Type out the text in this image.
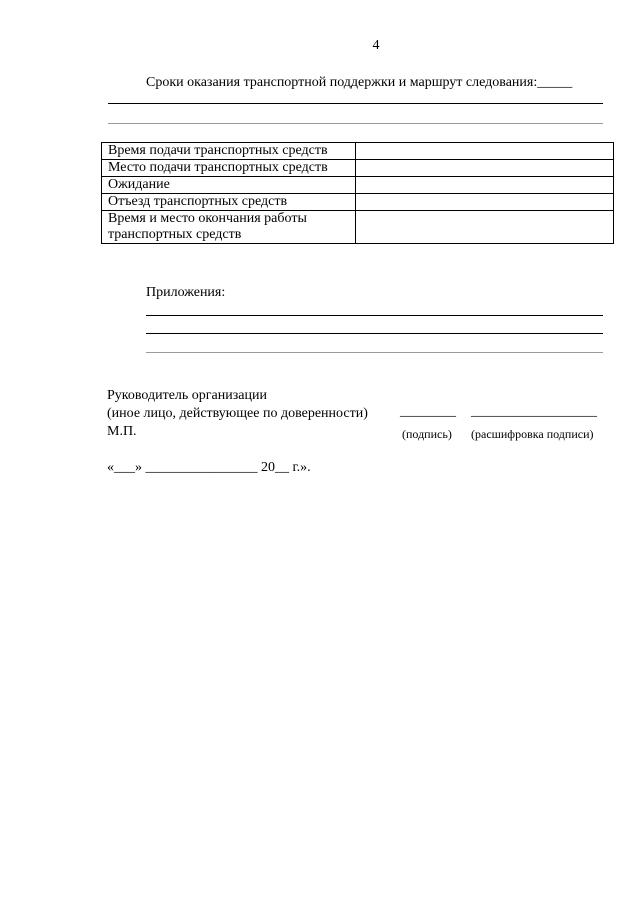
4
Сроки оказания транспортной поддержки и маршрут следования:_____
Время подачи транспортных средств	
Место подачи транспортных средств	
Ожидание	
Отъезд транспортных средств	
Время и место окончания работы транспортных средств	
Приложения:
Руководитель организации
(иное лицо, действующее по доверенности)
М.П.
________ __________________
(подпись) (расшифровка подписи)
«___» ________________ 20__ г.».
